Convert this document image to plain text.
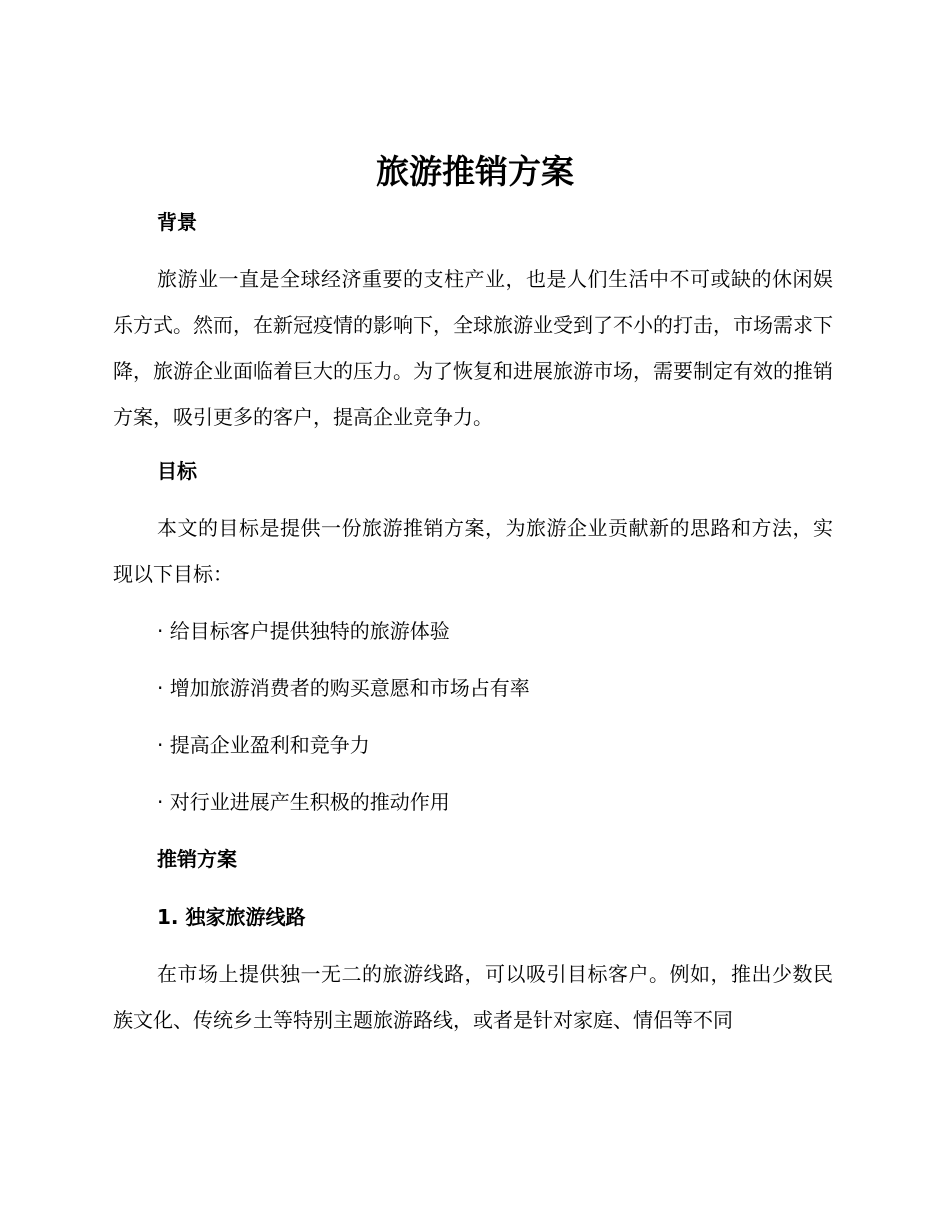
旅游推销方案
背景
旅游业一直是全球经济重要的支柱产业，也是人们生活中不可或缺的休闲娱乐方式。然而，在新冠疫情的影响下，全球旅游业受到了不小的打击，市场需求下降，旅游企业面临着巨大的压力。为了恢复和进展旅游市场，需要制定有效的推销方案，吸引更多的客户，提高企业竞争力。
目标
本文的目标是提供一份旅游推销方案，为旅游企业贡献新的思路和方法，实现以下目标：
· 给目标客户提供独特的旅游体验
· 增加旅游消费者的购买意愿和市场占有率
· 提高企业盈利和竞争力
· 对行业进展产生积极的推动作用
推销方案
1. 独家旅游线路
在市场上提供独一无二的旅游线路，可以吸引目标客户。例如，推出少数民族文化、传统乡土等特别主题旅游路线，或者是针对家庭、情侣等不同
